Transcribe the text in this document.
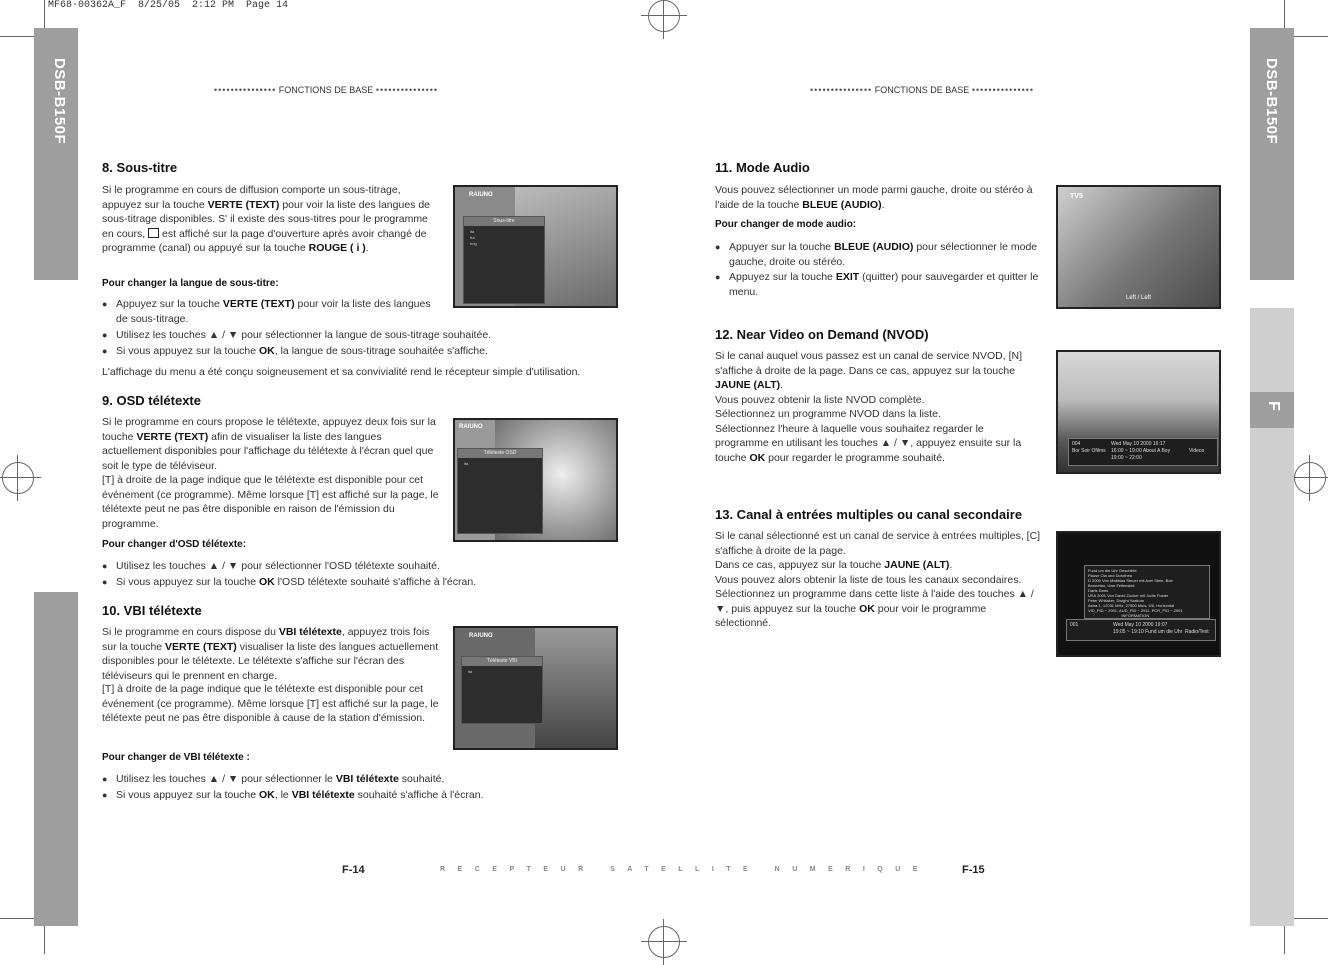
MF68-00362A_F  8/25/05  2:12 PM  Page 14
DSB-B150F
F
DSB-B150F
••••••••••••••• FONCTIONS DE BASE •••••••••••••••	••••••••••••••• FONCTIONS DE BASE •••••••••••••••
8. Sous-titre

Si le programme en cours de diffusion comporte un sous-titrage, appuyez sur la touche VERTE (TEXT) pour voir la liste des langues de sous-titrage disponibles. S' il existe des sous-titres pour le programme en cours,  est affiché sur la page d'ouverture après avoir changé de programme (canal) ou appuyé sur la touche ROUGE ( i ).

RAIUNO
Sous-titre
ita
fra
eng
Pour changer la langue de sous-titre:
● Appuyez sur la touche VERTE (TEXT) pour voir la liste des langues de sous-titrage.
● Utilisez les touches ▲ / ▼ pour sélectionner la langue de sous-titrage souhaitée.
● Si vous appuyez sur la touche OK, la langue de sous-titrage souhaitée s'affiche.

L'affichage du menu a été conçu soigneusement et sa convivialité rend le récepteur simple d'utilisation.

9. OSD télétexte

Si le programme en cours propose le télétexte, appuyez deux fois sur la touche VERTE (TEXT) afin de visualiser la liste des langues actuellement disponibles pour l'affichage du télétexte à l'écran quel que soit le type de téléviseur.

[T] à droite de la page indique que le télétexte est disponible pour cet événement (ce programme). Même lorsque [T] est affiché sur la page, le télétexte peut ne pas être disponible en raison de l'émission du programme.

RAIUNO
Télétexte OSD
ita
Pour changer d'OSD télétexte:
● Utilisez les touches ▲ / ▼ pour sélectionner l'OSD télétexte souhaité.
● Si vous appuyez sur la touche OK l'OSD télétexte souhaité s'affiche à l'écran.
10. VBI télétexte

Si le programme en cours dispose du VBI télétexte, appuyez trois fois sur la touche VERTE (TEXT) visualiser la liste des langues actuellement disponibles pour le télétexte. Le télétexte s'affiche sur l'écran des téléviseurs qui le prennent en charge.

[T] à droite de la page indique que le télétexte est disponible pour cet événement (ce programme). Même lorsque [T] est affiché sur la page, le télétexte peut ne pas être disponible à cause de la station d'émission.

RAIUNO
Télétexte VBI
ita
Pour changer de VBI télétexte :
● Utilisez les touches ▲ / ▼ pour sélectionner le VBI télétexte souhaité.
● Si vous appuyez sur la touche OK, le VBI télétexte souhaité s'affiche à l'écran.
F-14
11. Mode Audio

Vous pouvez sélectionner un mode parmi gauche, droite ou stéréo à l'aide de la touche BLEUE (AUDIO).

Pour changer de mode audio:
● Appuyer sur la touche BLEUE (AUDIO) pour sélectionner le mode gauche, droite ou stéréo.
● Appuyez sur la touche EXIT (quitter) pour sauvegarder et quitter le menu.
TV5
Left / Left
12. Near Video on Demand (NVOD)

Si le canal auquel vous passez est un canal de service NVOD, [N] s'affiche à droite de la page. Dans ce cas, appuyez sur la touche JAUNE (ALT).
Vous pouvez obtenir la liste NVOD complète.
Sélectionnez un programme NVOD dans la liste.
Sélectionnez l'heure à laquelle vous souhaitez regarder le programme en utilisant les touches ▲ / ▼, appuyez ensuite sur la touche OK pour regarder le programme souhaité.

004
Bor Soir Ofilms
Wed May 10 2000 16:17
16:00 ~ 19:00 About A Boy
19:00 ~ 22:00
Videos
13. Canal à entrées multiples ou canal secondaire

Si le canal sélectionné est un canal de service à entrées multiples, [C] s'affiche à droite de la page.
Dans ce cas, appuyez sur la touche JAUNE (ALT).
Vous pouvez alors obtenir la liste de tous les canaux secondaires.
Sélectionnez un programme dans cette liste à l'aide des touches ▲ / ▼, puis appuyez sur la touche OK pour voir le programme sélectionné.

Fund um die Uhr Geschikte
Pause Ola und Dorothea
D 2000 Von Matthias Steuer mit Axel Stein, Bob
Bonnefau, Uwe Fellensiek
Darts Darts
USA 2001 Von David Zucker mit Jodie Foster
Peter Whitaker, Dwight Yoakum
Astra 1, 12031 MHz, 27500 Ms/s, 5/6, Horizontal
VID_PID ~ 2901, AUD_PID ~ 2911, PCR_PID ~ 2901
INFORMATION
001	Wed May 10 2000 19:07
19:05 ~ 19:10 Fund um die Uhr Radio/Text
F-15
RECEPTEUR SATELLITE NUMERIQUE
